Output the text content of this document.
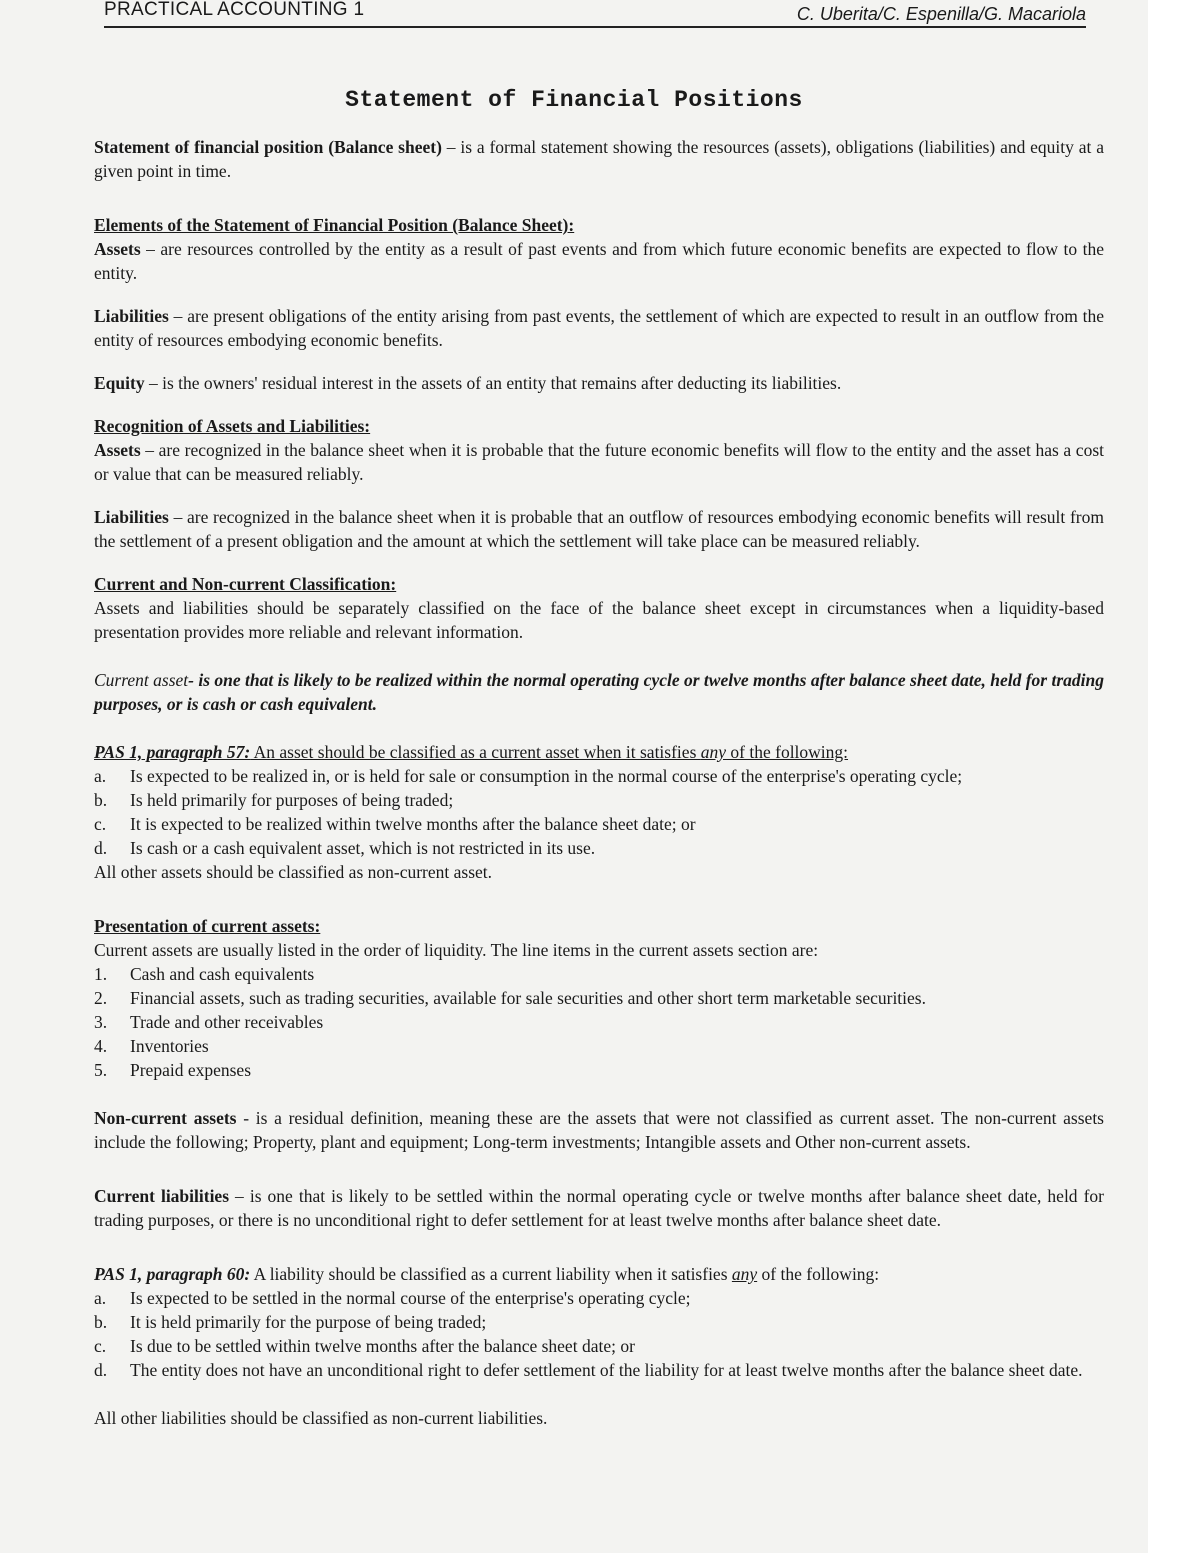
PRACTICAL ACCOUNTING 1	C. Uberita/C. Espenilla/G. Macariola
Statement of Financial Positions

Statement of financial position (Balance sheet) – is a formal statement showing the resources (assets), obligations (liabilities) and equity at a given point in time.

Elements of the Statement of Financial Position (Balance Sheet):

Assets – are resources controlled by the entity as a result of past events and from which future economic benefits are expected to flow to the entity.

Liabilities – are present obligations of the entity arising from past events, the settlement of which are expected to result in an outflow from the entity of resources embodying economic benefits.

Equity – is the owners' residual interest in the assets of an entity that remains after deducting its liabilities.

Recognition of Assets and Liabilities:

Assets – are recognized in the balance sheet when it is probable that the future economic benefits will flow to the entity and the asset has a cost or value that can be measured reliably.

Liabilities – are recognized in the balance sheet when it is probable that an outflow of resources embodying economic benefits will result from the settlement of a present obligation and the amount at which the settlement will take place can be measured reliably.

Current and Non-current Classification:

Assets and liabilities should be separately classified on the face of the balance sheet except in circumstances when a liquidity-based presentation provides more reliable and relevant information.

Current asset- is one that is likely to be realized within the normal operating cycle or twelve months after balance sheet date, held for trading purposes, or is cash or cash equivalent.

PAS 1, paragraph 57: An asset should be classified as a current asset when it satisfies any of the following:

a. Is expected to be realized in, or is held for sale or consumption in the normal course of the enterprise's operating cycle;
b. Is held primarily for purposes of being traded;
c. It is expected to be realized within twelve months after the balance sheet date; or
d. Is cash or a cash equivalent asset, which is not restricted in its use.

All other assets should be classified as non-current asset.

Presentation of current assets:

Current assets are usually listed in the order of liquidity. The line items in the current assets section are:

1. Cash and cash equivalents
2. Financial assets, such as trading securities, available for sale securities and other short term marketable securities.
3. Trade and other receivables
4. Inventories
5. Prepaid expenses

Non-current assets - is a residual definition, meaning these are the assets that were not classified as current asset. The non-current assets include the following; Property, plant and equipment; Long-term investments; Intangible assets and Other non-current assets.

Current liabilities – is one that is likely to be settled within the normal operating cycle or twelve months after balance sheet date, held for trading purposes, or there is no unconditional right to defer settlement for at least twelve months after balance sheet date.

PAS 1, paragraph 60: A liability should be classified as a current liability when it satisfies any of the following:

a. Is expected to be settled in the normal course of the enterprise's operating cycle;
b. It is held primarily for the purpose of being traded;
c. Is due to be settled within twelve months after the balance sheet date; or
d. The entity does not have an unconditional right to defer settlement of the liability for at least twelve months after the balance sheet date.

All other liabilities should be classified as non-current liabilities.
